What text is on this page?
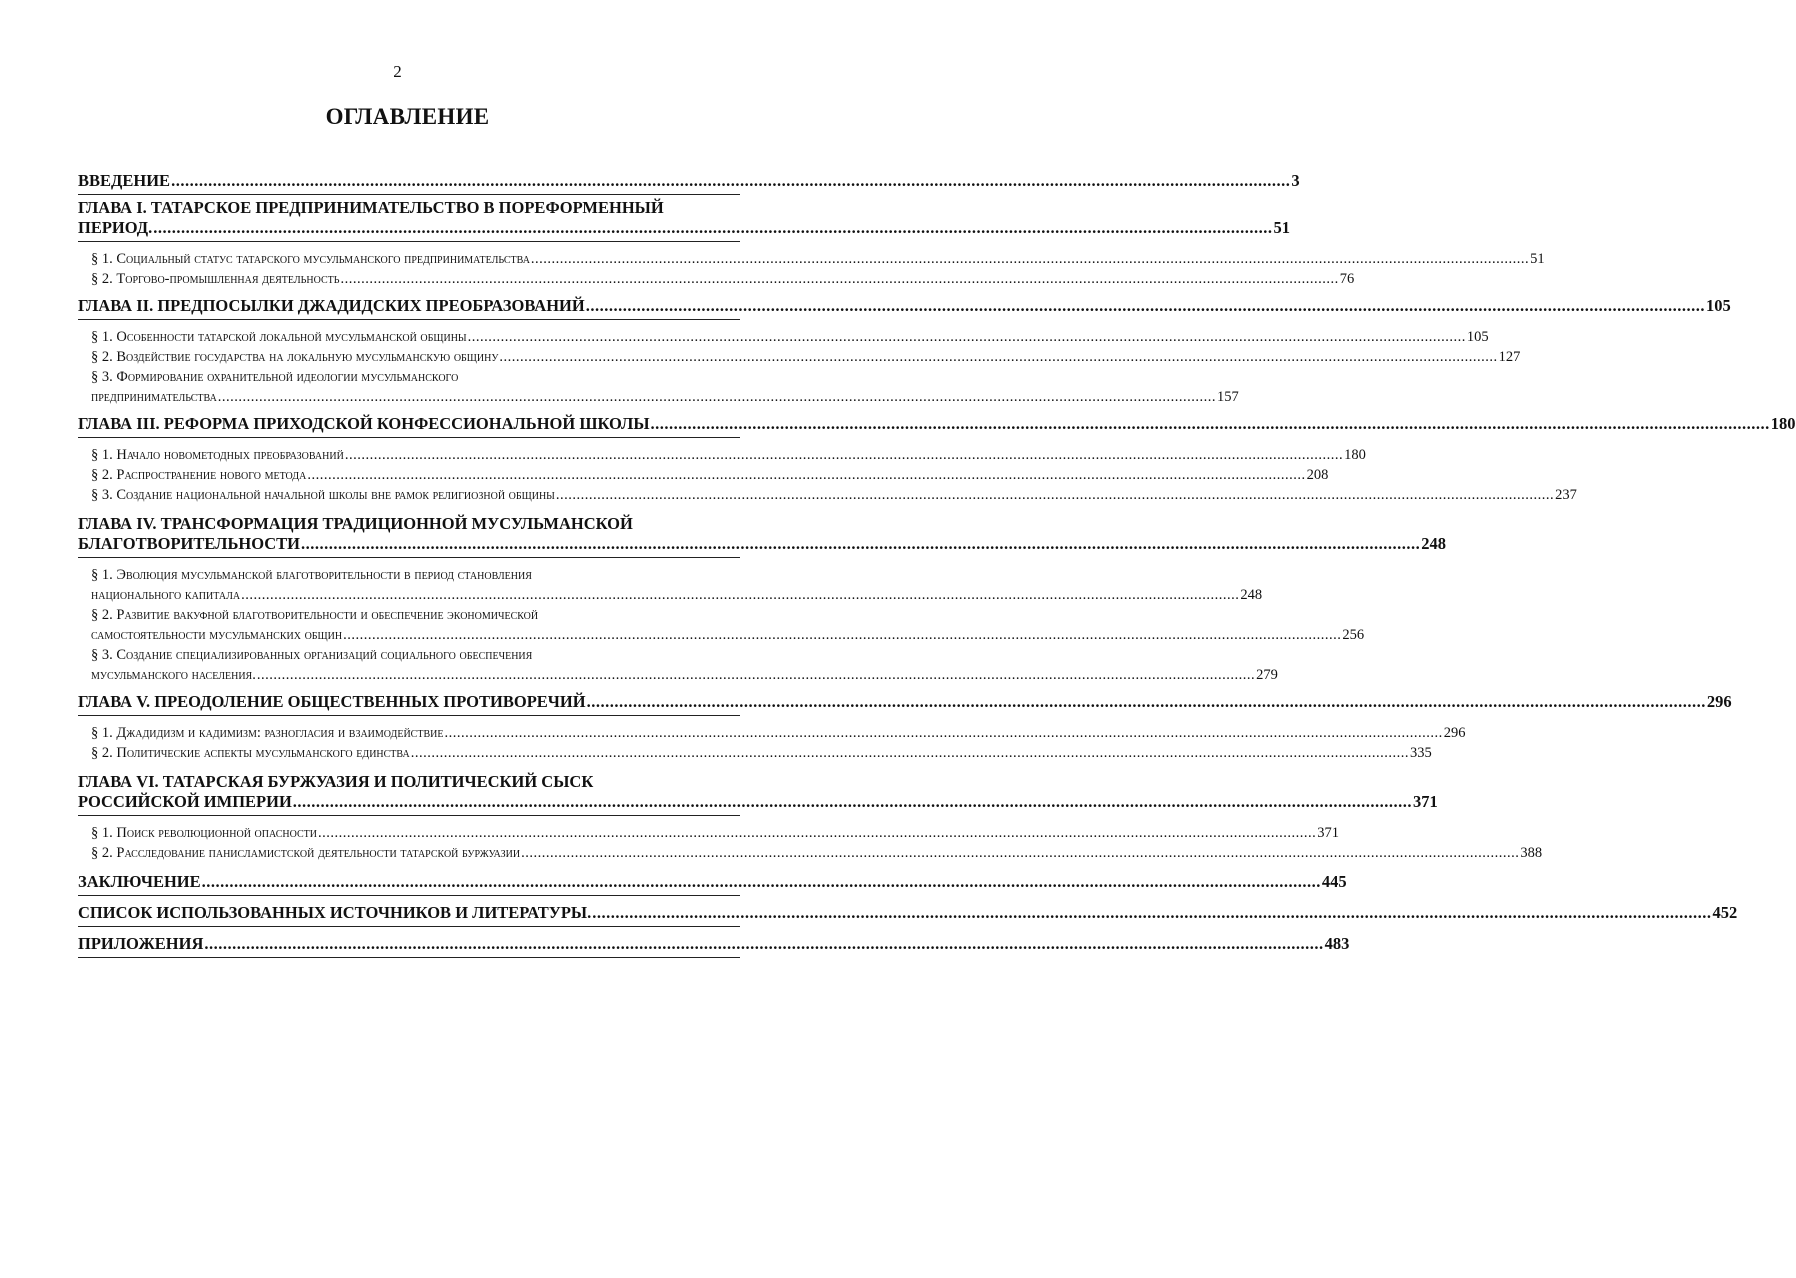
2
ОГЛАВЛЕНИЕ
ВВЕДЕНИЕ .....	3
ГЛАВА I. ТАТАРСКОЕ ПРЕДПРИНИМАТЕЛЬСТВО В ПОРЕФОРМЕННЫЙ
ПЕРИОД. .....	51
§ 1. Социальный статус татарского мусульманского предпринимательства .....	51
§ 2. Торгово-промышленная деятельность .....	76
ГЛАВА II. ПРЕДПОСЫЛКИ ДЖАДИДСКИХ ПРЕОБРАЗОВАНИЙ .....	105
§ 1. Особенности татарской локальной мусульманской общины .....	105
§ 2. Воздействие государства на локальную мусульманскую общину .....	127
§ 3. Формирование охранительной идеологии мусульманского
предпринимательства .....	157
ГЛАВА III. РЕФОРМА ПРИХОДСКОЙ КОНФЕССИОНАЛЬНОЙ ШКОЛЫ .....	180
§ 1. Начало новометодных преобразований .....	180
§ 2. Распространение нового метода .....	208
§ 3. Создание национальной начальной школы вне рамок религиозной общины .....	237
ГЛАВА IV. ТРАНСФОРМАЦИЯ ТРАДИЦИОННОЙ МУСУЛЬМАНСКОЙ
БЛАГОТВОРИТЕЛЬНОСТИ .....	248
§ 1. Эволюция мусульманской благотворительности в период становления
национального капитала .....	248
§ 2. Развитие вакуфной благотворительности и обеспечение экономической
самостоятельности мусульманских общин .....	256
§ 3. Создание специализированных организаций социального обеспечения
мусульманского населения. .....	279
ГЛАВА V. ПРЕОДОЛЕНИЕ ОБЩЕСТВЕННЫХ ПРОТИВОРЕЧИЙ .....	296
§ 1. Джадидизм и кадимизм: разногласия и взаимодействие .....	296
§ 2. Политические аспекты мусульманского единства .....	335
ГЛАВА VI. ТАТАРСКАЯ БУРЖУАЗИЯ И ПОЛИТИЧЕСКИЙ СЫСК
РОССИЙСКОЙ ИМПЕРИИ .....	371
§ 1. Поиск революционной опасности .....	371
§ 2. Расследование панисламистской деятельности татарской буржуазии .....	388
ЗАКЛЮЧЕНИЕ .....	445
СПИСОК ИСПОЛЬЗОВАННЫХ ИСТОЧНИКОВ И ЛИТЕРАТУРЫ. .....	452
ПРИЛОЖЕНИЯ .....	483
